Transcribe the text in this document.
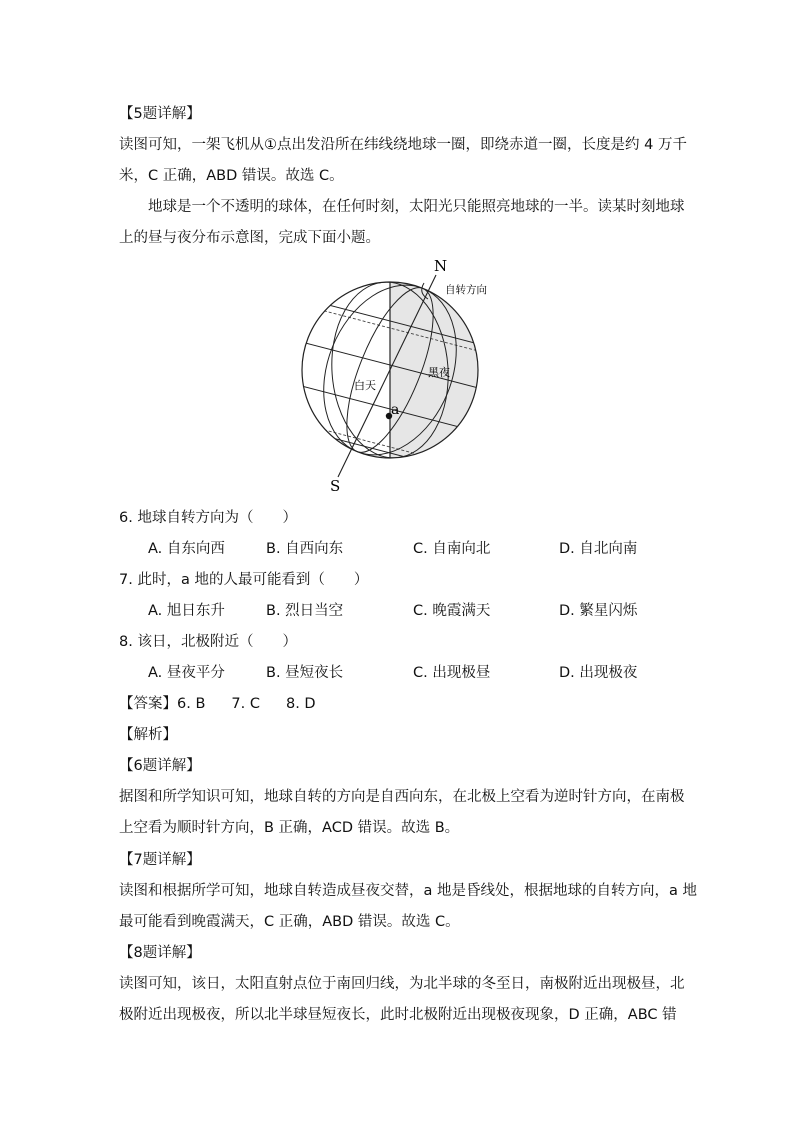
【5题详解】
读图可知，一架飞机从①点出发沿所在纬线绕地球一圈，即绕赤道一圈，长度是约 4 万千
米，C 正确，ABD 错误。故选 C。
地球是一个不透明的球体，在任何时刻，太阳光只能照亮地球的一半。读某时刻地球
上的昼与夜分布示意图，完成下面小题。
N
S
自转方向
白天
黑夜
a
6. 地球自转方向为（　　）
A. 自东向西	B. 自西向东	C. 自南向北	D. 自北向南
7. 此时，a 地的人最可能看到（　　）
A. 旭日东升	B. 烈日当空	C. 晚霞满天	D. 繁星闪烁
8. 该日，北极附近（　　）
A. 昼夜平分	B. 昼短夜长	C. 出现极昼	D. 出现极夜
【答案】6. B 7. C 8. D
【解析】
【6题详解】
据图和所学知识可知，地球自转的方向是自西向东，在北极上空看为逆时针方向，在南极
上空看为顺时针方向，B 正确，ACD 错误。故选 B。
【7题详解】
读图和根据所学可知，地球自转造成昼夜交替，a 地是昏线处，根据地球的自转方向，a 地
最可能看到晚霞满天，C 正确，ABD 错误。故选 C。
【8题详解】
读图可知，该日，太阳直射点位于南回归线，为北半球的冬至日，南极附近出现极昼，北
极附近出现极夜，所以北半球昼短夜长，此时北极附近出现极夜现象，D 正确，ABC 错
